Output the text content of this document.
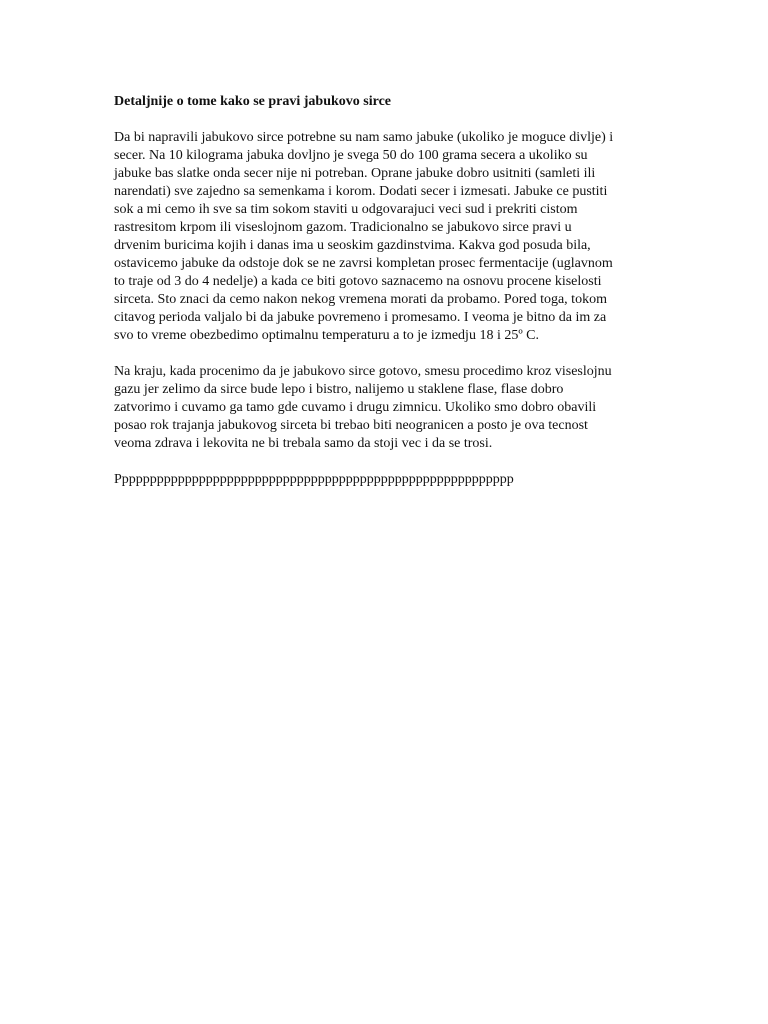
Detaljnije o tome kako se pravi jabukovo sirce
Da bi napravili jabukovo sirce potrebne su nam samo jabuke (ukoliko je moguce divlje) i
secer. Na 10 kilograma jabuka dovljno je svega 50 do 100 grama secera a ukoliko su
jabuke bas slatke onda secer nije ni potreban. Oprane jabuke dobro usitniti (samleti ili
narendati) sve zajedno sa semenkama i korom. Dodati secer i izmesati. Jabuke ce pustiti
sok a mi cemo ih sve sa tim sokom staviti u odgovarajuci veci sud i prekriti cistom
rastresitom krpom ili viseslojnom gazom. Tradicionalno se jabukovo sirce pravi u
drvenim buricima kojih i danas ima u seoskim gazdinstvima. Kakva god posuda bila,
ostavicemo jabuke da odstoje dok se ne zavrsi kompletan prosec fermentacije (uglavnom
to traje od 3 do 4 nedelje) a kada ce biti gotovo saznacemo na osnovu procene kiselosti
sirceta. Sto znaci da cemo nakon nekog vremena morati da probamo. Pored toga, tokom
citavog perioda valjalo bi da jabuke povremeno i promesamo. I veoma je bitno da im za
svo to vreme obezbedimo optimalnu temperaturu a to je izmedju 18 i 25º C.
Na kraju, kada procenimo da je jabukovo sirce gotovo, smesu procedimo kroz viseslojnu
gazu jer zelimo da sirce bude lepo i bistro, nalijemo u staklene flase, flase dobro
zatvorimo i cuvamo ga tamo gde cuvamo i drugu zimnicu. Ukoliko smo dobro obavili
posao rok trajanja jabukovog sirceta bi trebao biti neogranicen a posto je ova tecnost
veoma zdrava i lekovita ne bi trebala samo da stoji vec i da se trosi.
Ppppppppppppppppppppppppppppppppppppppppppppppppppppppppp
